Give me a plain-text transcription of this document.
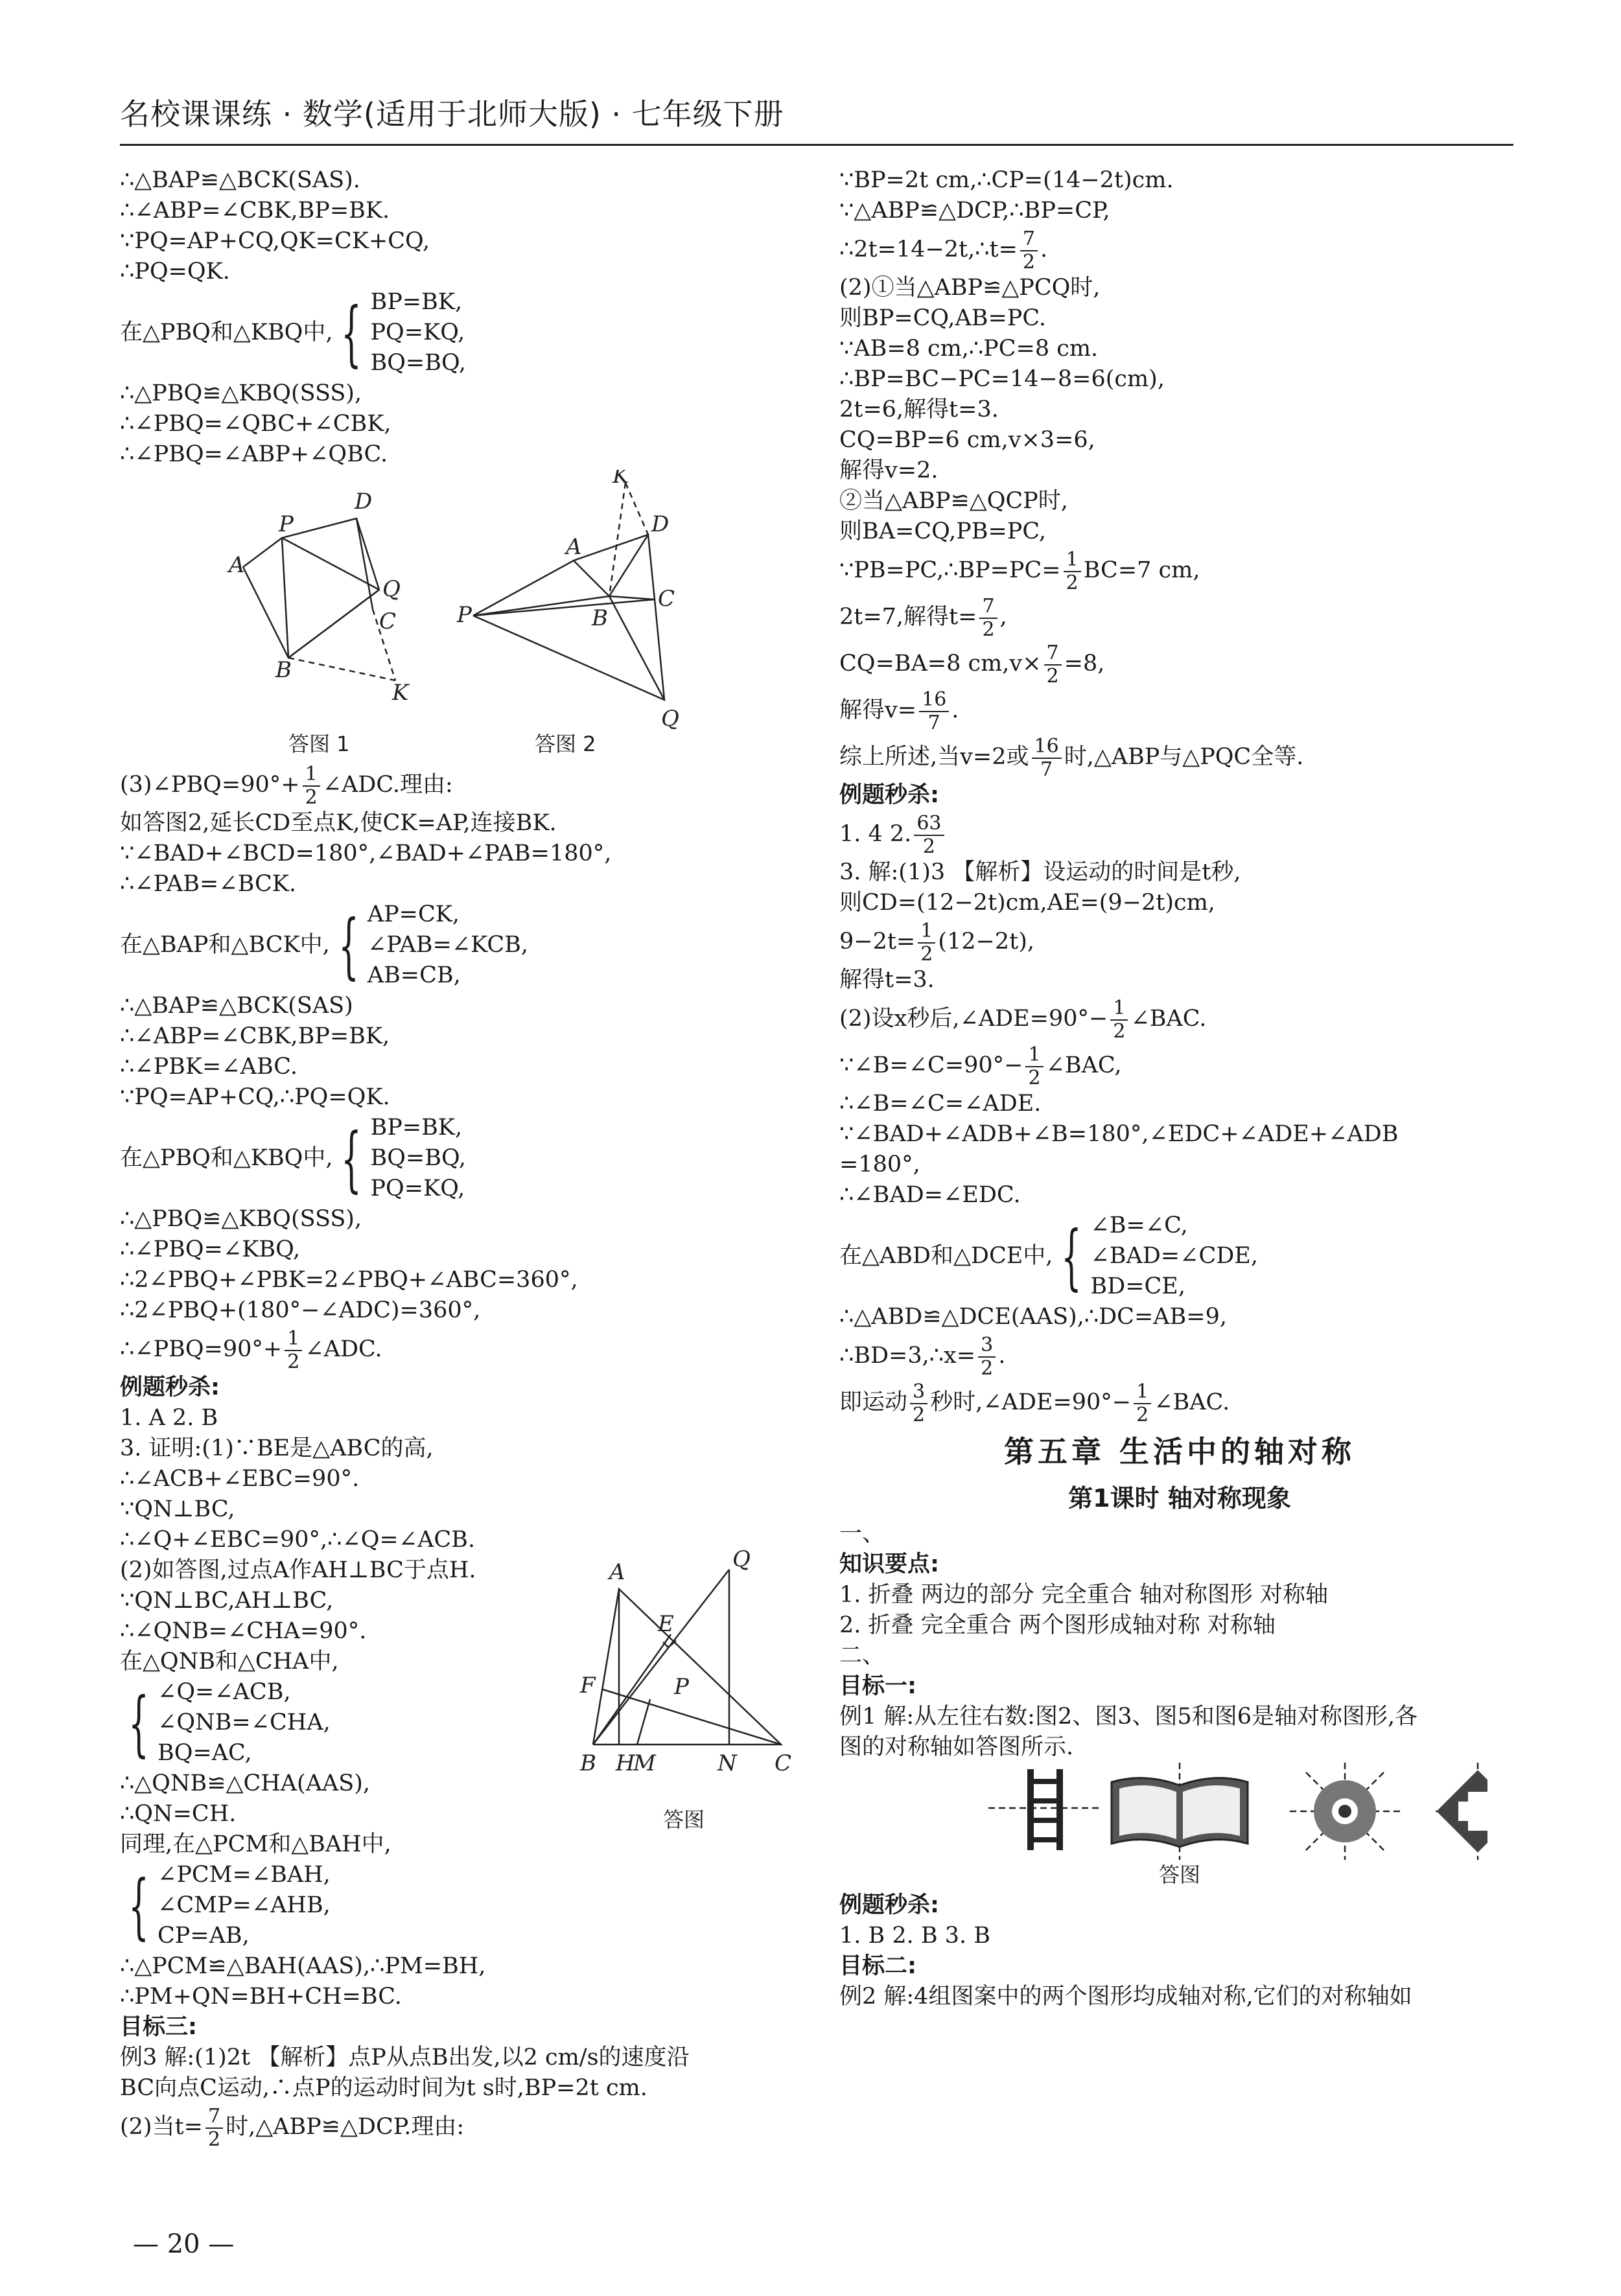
名校课课练 · 数学(适用于北师大版) · 七年级下册
∴△BAP≌△BCK(SAS).
∴∠ABP=∠CBK,BP=BK.
∵PQ=AP+CQ,QK=CK+CQ,
∴PQ=QK.
在△PBQ和△KBQ中, { BP=BK,
PQ=KQ,
BQ=BQ,
∴△PBQ≌△KBQ(SSS),
∴∠PBQ=∠QBC+∠CBK,
∴∠PBQ=∠ABP+∠QBC.
A
P
D
Q
C
B
K
P
A
D
C
B
K
Q
答图 1	答图 2
(3)∠PBQ=90°+ $\frac{1}{2}$ ∠ADC.理由:
如答图2,延长CD至点K,使CK=AP,连接BK.
∵∠BAD+∠BCD=180°,∠BAD+∠PAB=180°,
∴∠PAB=∠BCK.
在△BAP和△BCK中, { AP=CK,
∠PAB=∠KCB,
AB=CB,
∴△BAP≌△BCK(SAS)
∴∠ABP=∠CBK,BP=BK,
∴∠PBK=∠ABC.
∵PQ=AP+CQ,∴PQ=QK.
在△PBQ和△KBQ中, { BP=BK,
BQ=BQ,
PQ=KQ,
∴△PBQ≌△KBQ(SSS),
∴∠PBQ=∠KBQ,
∴2∠PBQ+∠PBK=2∠PBQ+∠ABC=360°,
∴2∠PBQ+(180°−∠ADC)=360°,
∴∠PBQ=90°+ $\frac{1}{2}$ ∠ADC.
例题秒杀:
1. A 2. B
3. 证明:(1)∵BE是△ABC的高,
∴∠ACB+∠EBC=90°.
∵QN⊥BC,
∴∠Q+∠EBC=90°,∴∠Q=∠ACB.
(2)如答图,过点A作AH⊥BC于点H.
∵QN⊥BC,AH⊥BC,
∴∠QNB=∠CHA=90°.
在△QNB和△CHA中,
{ ∠Q=∠ACB,
∠QNB=∠CHA,
BQ=AC,
∴△QNB≌△CHA(AAS),
∴QN=CH.
同理,在△PCM和△BAH中,
{ ∠PCM=∠BAH,
∠CMP=∠AHB,
CP=AB,
∴△PCM≌△BAH(AAS),∴PM=BH,
∴PM+QN=BH+CH=BC.
A	Q
E
F	P
B H
M	N C
答图
目标三:
例3 解:(1)2t 【解析】点P从点B出发,以2 cm/s的速度沿
BC向点C运动,∴点P的运动时间为t s时,BP=2t cm.
(2)当$t= \frac{7}{2}$ 时,△ABP≌△DCP.理由:
∵BP=2t cm,∴CP=(14−2t)cm.
∵△ABP≌△DCP,∴BP=CP,
∴2t=14−2t,∴t= $\frac{7}{2}$ .
(2)①当△ABP≌△PCQ时,
则BP=CQ,AB=PC.
∵AB=8 cm,∴PC=8 cm.
∴BP=BC−PC=14−8=6(cm),
2t=6,解得t=3.
CQ=BP=6 cm,v×3=6,
解得v=2.
②当△ABP≌△QCP时,
则BA=CQ,PB=PC,
∵PB=PC,∴BP=PC= $\frac{1}{2} BC=7$ cm,
2t=7,解得$t= \frac{7}{2}$ ,
CQ=BA=8 $cm,v\times \frac{7}{2} =8$,
解得$v= \frac{16}{7}$ .
综上所述,当v=2或 $\frac{16}{7}$ 时,△ABP与△PQC全等.
例题秒杀:
1. 4 2. $\frac{63}{2}$
3. 解:(1)3 【解析】设运动的时间是t秒,
则CD=(12−2t)cm,AE=(9−2t)cm,
$9-2t= \frac{1}{2} (12-2t)$,
解得t=3.
(2)设x秒后,∠ADE=90°− $\frac{1}{2}$ ∠BAC.
∵∠B=∠C=90°− $\frac{1}{2}$ ∠BAC,
∴∠B=∠C=∠ADE.
∵∠BAD+∠ADB+∠B=180°,∠EDC+∠ADE+∠ADB
=180°,
∴∠BAD=∠EDC.
在△ABD和△DCE中, { ∠B=∠C,
∠BAD=∠CDE,
BD=CE,
∴△ABD≌△DCE(AAS),∴DC=AB=9,
∴BD=3,∴x= $\frac{3}{2}$ .
即运动 $\frac{3}{2}$ 秒时,∠ADE=90°− $\frac{1}{2}$ ∠BAC.
第五章 生活中的轴对称
第1课时 轴对称现象
一、
知识要点:
1. 折叠 两边的部分 完全重合 轴对称图形 对称轴
2. 折叠 完全重合 两个图形成轴对称 对称轴
二、
目标一:
例1 解:从左往右数:图2、图3、图5和图6是轴对称图形,各
图的对称轴如答图所示.
答图
例题秒杀:
1. B 2. B 3. B
目标二:
例2 解:4组图案中的两个图形均成轴对称,它们的对称轴如
— 20 —
